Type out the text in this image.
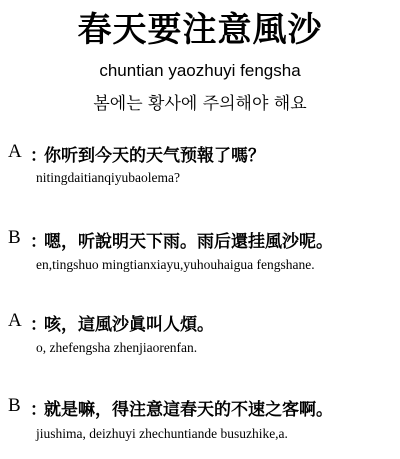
春天要注意風沙
chuntian yaozhuyi fengsha
봄에는 황사에 주의해야 해요
A ：你听到今天的天气预報了嗎？
nitingdaitianqiyubaolema?
B ：嗯，听說明天下雨。雨后還挂風沙呢。
en,tingshuo mingtianxiayu,yuhouhaigua fengshane.
A ：咳，這風沙眞叫人煩。
o, zhefengsha zhenjiaorenfan.
B ：就是嘛，得注意這春天的不速之客啊。
jiushima, deizhuyi zhechuntiande busuzhike,a.
